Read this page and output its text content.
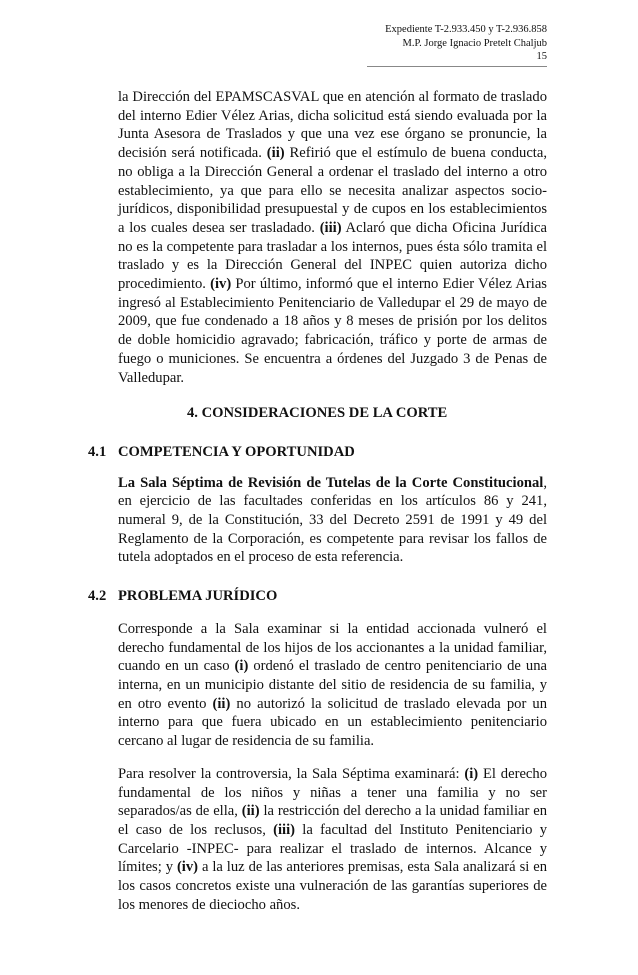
Expediente T-2.933.450 y T-2.936.858
M.P. Jorge Ignacio Pretelt Chaljub
15

la Dirección del EPAMSCASVAL que en atención al formato de traslado del interno Edier Vélez Arias, dicha solicitud está siendo evaluada por la Junta Asesora de Traslados y que una vez ese órgano se pronuncie, la decisión será notificada. (ii) Refirió que el estímulo de buena conducta, no obliga a la Dirección General a ordenar el traslado del interno a otro establecimiento, ya que para ello se necesita analizar aspectos socio-jurídicos, disponibilidad presupuestal y de cupos en los establecimientos a los cuales desea ser trasladado. (iii) Aclaró que dicha Oficina Jurídica no es la competente para trasladar a los internos, pues ésta sólo tramita el traslado y es la Dirección General del INPEC quien autoriza dicho procedimiento. (iv) Por último, informó que el interno Edier Vélez Arias ingresó al Establecimiento Penitenciario de Valledupar el 29 de mayo de 2009, que fue condenado a 18 años y 8 meses de prisión por los delitos de doble homicidio agravado; fabricación, tráfico y porte de armas de fuego o municiones. Se encuentra a órdenes del Juzgado 3 de Penas de Valledupar.

4. CONSIDERACIONES DE LA CORTE
4.1 COMPETENCIA Y OPORTUNIDAD

La Sala Séptima de Revisión de Tutelas de la Corte Constitucional, en ejercicio de las facultades conferidas en los artículos 86 y 241, numeral 9, de la Constitución, 33 del Decreto 2591 de 1991 y 49 del Reglamento de la Corporación, es competente para revisar los fallos de tutela adoptados en el proceso de esta referencia.

4.2 PROBLEMA JURÍDICO

Corresponde a la Sala examinar si la entidad accionada vulneró el derecho fundamental de los hijos de los accionantes a la unidad familiar, cuando en un caso (i) ordenó el traslado de centro penitenciario de una interna, en un municipio distante del sitio de residencia de su familia, y en otro evento (ii) no autorizó la solicitud de traslado elevada por un interno para que fuera ubicado en un establecimiento penitenciario cercano al lugar de residencia de su familia.

Para resolver la controversia, la Sala Séptima examinará: (i) El derecho fundamental de los niños y niñas a tener una familia y no ser separados/as de ella, (ii) la restricción del derecho a la unidad familiar en el caso de los reclusos, (iii) la facultad del Instituto Penitenciario y Carcelario -INPEC- para realizar el traslado de internos. Alcance y límites; y (iv) a la luz de las anteriores premisas, esta Sala analizará si en los casos concretos existe una vulneración de las garantías superiores de los menores de dieciocho años.
